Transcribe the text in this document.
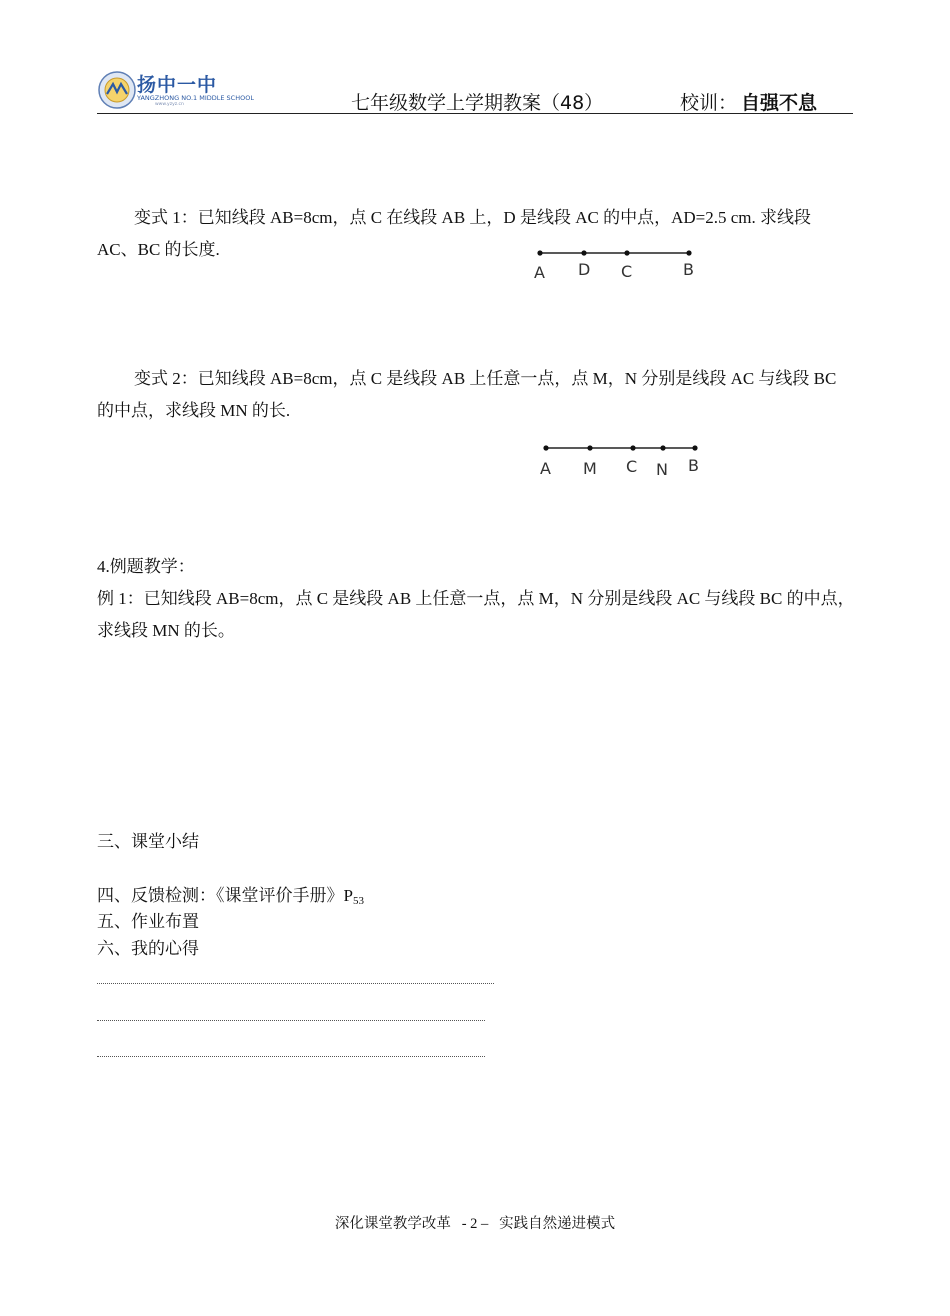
扬中一中
YANGZHONG NO.1 MIDDLE SCHOOL
www.yzyz.cn	七年级数学上学期教案（48）	校训： 自强不息
变式 1：已知线段 AB=8cm，点 C 在线段 AB 上，D 是线段 AC 的中点，AD=2.5 cm. 求线段
AC、BC 的长度.
A D C	B
变式 2：已知线段 AB=8cm，点 C 是线段 AB 上任意一点，点 M，N 分别是线段 AC 与线段 BC
的中点，求线段 MN 的长.
A M C N B
4.例题教学：
例 1：已知线段 AB=8cm，点 C 是线段 AB 上任意一点，点 M，N 分别是线段 AC 与线段 BC 的中点，
求线段 MN 的长。
三、课堂小结
四、反馈检测：《课堂评价手册》$P_{53}$
五、作业布置
六、我的心得
深化课堂教学改革 - 2 – 实践自然递进模式
